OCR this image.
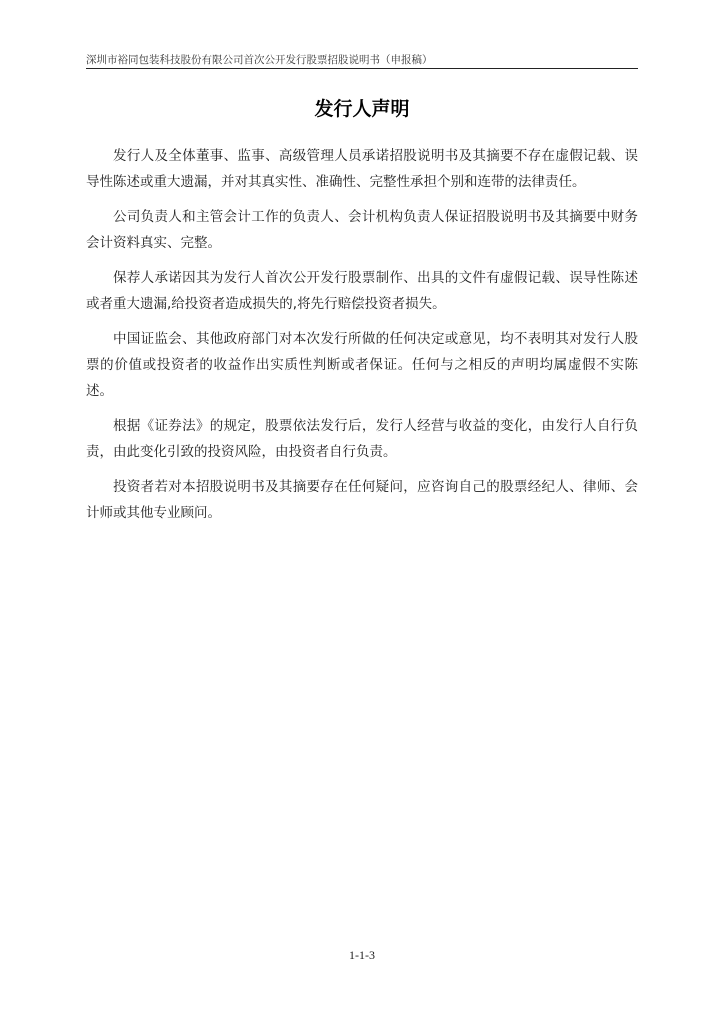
深圳市裕同包装科技股份有限公司首次公开发行股票招股说明书（申报稿）
发行人声明

发行人及全体董事、监事、高级管理人员承诺招股说明书及其摘要不存在虚假记载、误导性陈述或重大遗漏，并对其真实性、准确性、完整性承担个别和连带的法律责任。

公司负责人和主管会计工作的负责人、会计机构负责人保证招股说明书及其摘要中财务会计资料真实、完整。

保荐人承诺因其为发行人首次公开发行股票制作、出具的文件有虚假记载、误导性陈述或者重大遗漏,给投资者造成损失的,将先行赔偿投资者损失。

中国证监会、其他政府部门对本次发行所做的任何决定或意见，均不表明其对发行人股票的价值或投资者的收益作出实质性判断或者保证。任何与之相反的声明均属虚假不实陈述。

根据《证券法》的规定，股票依法发行后，发行人经营与收益的变化，由发行人自行负责，由此变化引致的投资风险，由投资者自行负责。

投资者若对本招股说明书及其摘要存在任何疑问，应咨询自己的股票经纪人、律师、会计师或其他专业顾问。

1-1-3
